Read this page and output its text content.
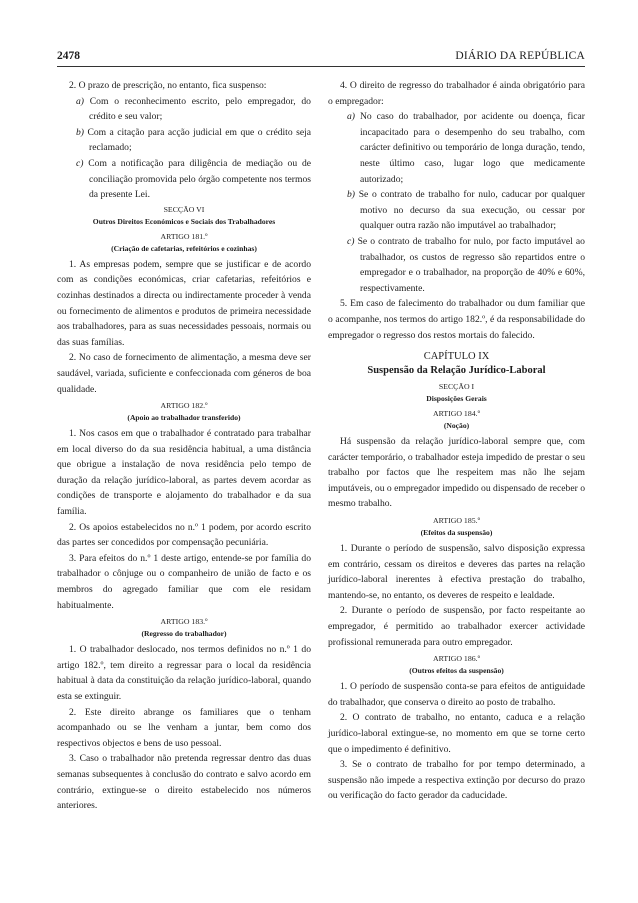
2478	DIÁRIO DA REPÚBLICA

2. O prazo de prescrição, no entanto, fica suspenso:

a) Com o reconhecimento escrito, pelo empregador, do crédito e seu valor;

b) Com a citação para acção judicial em que o crédito seja reclamado;

c) Com a notificação para diligência de mediação ou de conciliação promovida pelo órgão competente nos termos da presente Lei.

SECÇÃO VI

Outros Direitos Económicos e Sociais dos Trabalhadores

ARTIGO 181.º

(Criação de cafetarias, refeitórios e cozinhas)

1. As empresas podem, sempre que se justificar e de acordo com as condições económicas, criar cafetarias, refeitórios e cozinhas destinados a directa ou indirectamente proceder à venda ou fornecimento de alimentos e produtos de primeira necessidade aos trabalhadores, para as suas necessidades pessoais, normais ou das suas famílias.

2. No caso de fornecimento de alimentação, a mesma deve ser saudável, variada, suficiente e confeccionada com géneros de boa qualidade.

ARTIGO 182.º

(Apoio ao trabalhador transferido)

1. Nos casos em que o trabalhador é contratado para trabalhar em local diverso do da sua residência habitual, a uma distância que obrigue a instalação de nova residência pelo tempo de duração da relação jurídico-laboral, as partes devem acordar as condições de transporte e alojamento do trabalhador e da sua família.

2. Os apoios estabelecidos no n.º 1 podem, por acordo escrito das partes ser concedidos por compensação pecuniária.

3. Para efeitos do n.º 1 deste artigo, entende-se por família do trabalhador o cônjuge ou o companheiro de união de facto e os membros do agregado familiar que com ele residam habitualmente.

ARTIGO 183.º

(Regresso do trabalhador)

1. O trabalhador deslocado, nos termos definidos no n.º 1 do artigo 182.º, tem direito a regressar para o local da residência habitual à data da constituição da relação jurídico-laboral, quando esta se extinguir.

2. Este direito abrange os familiares que o tenham acompanhado ou se lhe venham a juntar, bem como dos respectivos objectos e bens de uso pessoal.

3. Caso o trabalhador não pretenda regressar dentro das duas semanas subsequentes à conclusão do contrato e salvo acordo em contrário, extingue-se o direito estabelecido nos números anteriores.

4. O direito de regresso do trabalhador é ainda obrigatório para o empregador:

a) No caso do trabalhador, por acidente ou doença, ficar incapacitado para o desempenho do seu trabalho, com carácter definitivo ou temporário de longa duração, tendo, neste último caso, lugar logo que medicamente autorizado;

b) Se o contrato de trabalho for nulo, caducar por qualquer motivo no decurso da sua execução, ou cessar por qualquer outra razão não imputável ao trabalhador;

c) Se o contrato de trabalho for nulo, por facto imputável ao trabalhador, os custos de regresso são repartidos entre o empregador e o trabalhador, na proporção de 40% e 60%, respectivamente.

5. Em caso de falecimento do trabalhador ou dum familiar que o acompanhe, nos termos do artigo 182.º, é da responsabilidade do empregador o regresso dos restos mortais do falecido.

CAPÍTULO IX

Suspensão da Relação Jurídico-Laboral

SECÇÃO I

Disposições Gerais

ARTIGO 184.º

(Noção)

Há suspensão da relação jurídico-laboral sempre que, com carácter temporário, o trabalhador esteja impedido de prestar o seu trabalho por factos que lhe respeitem mas não lhe sejam imputáveis, ou o empregador impedido ou dispensado de receber o mesmo trabalho.

ARTIGO 185.º

(Efeitos da suspensão)

1. Durante o período de suspensão, salvo disposição expressa em contrário, cessam os direitos e deveres das partes na relação jurídico-laboral inerentes à efectiva prestação do trabalho, mantendo-se, no entanto, os deveres de respeito e lealdade.

2. Durante o período de suspensão, por facto respeitante ao empregador, é permitido ao trabalhador exercer actividade profissional remunerada para outro empregador.

ARTIGO 186.º

(Outros efeitos da suspensão)

1. O período de suspensão conta-se para efeitos de antiguidade do trabalhador, que conserva o direito ao posto de trabalho.

2. O contrato de trabalho, no entanto, caduca e a relação jurídico-laboral extingue-se, no momento em que se torne certo que o impedimento é definitivo.

3. Se o contrato de trabalho for por tempo determinado, a suspensão não impede a respectiva extinção por decurso do prazo ou verificação do facto gerador da caducidade.
